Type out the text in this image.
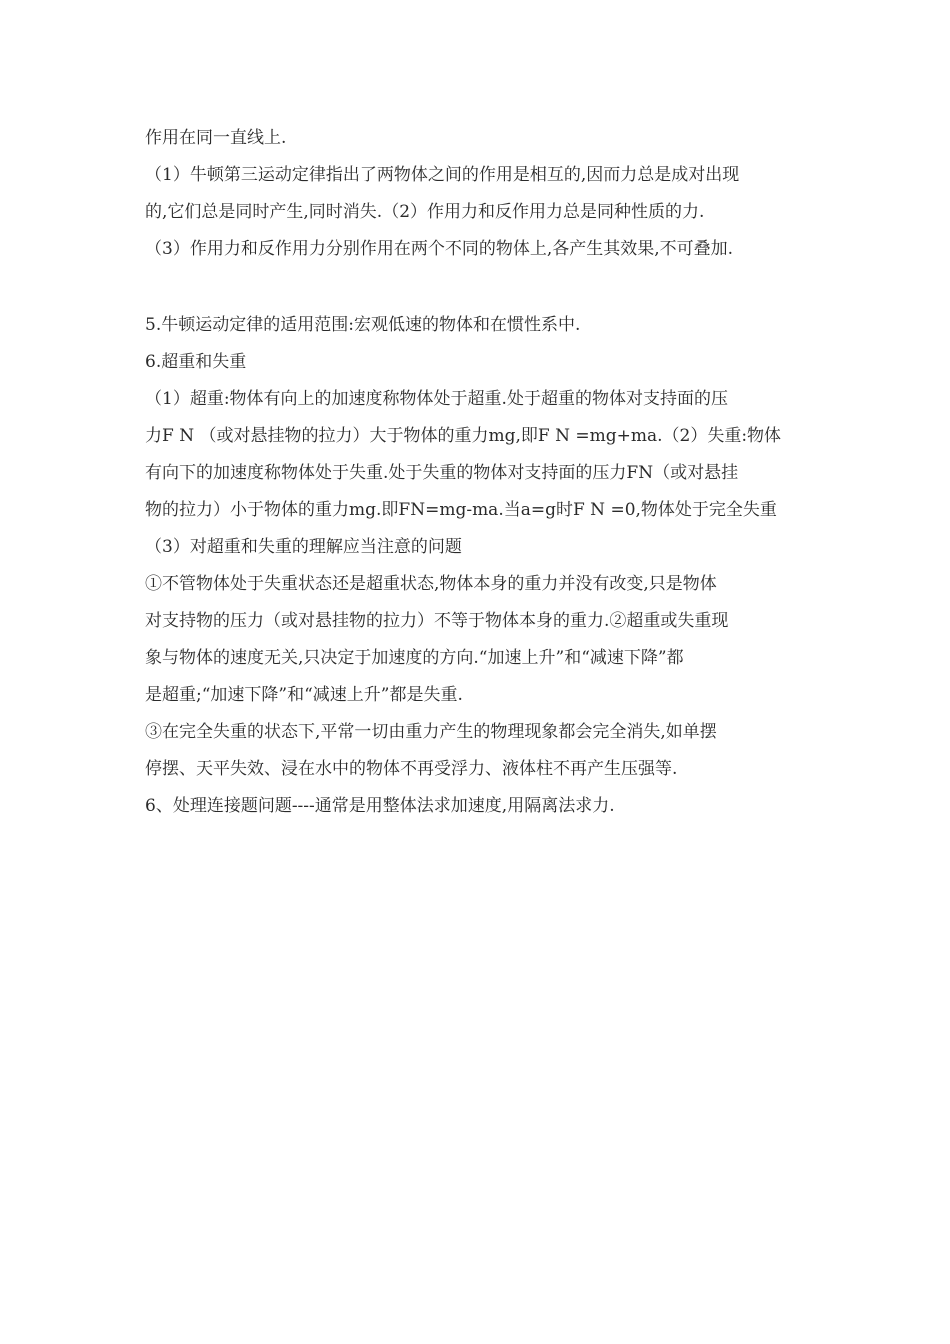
作用在同一直线上.
（1）牛顿第三运动定律指出了两物体之间的作用是相互的,因而力总是成对出现
的,它们总是同时产生,同时消失.（2）作用力和反作用力总是同种性质的力.
（3）作用力和反作用力分别作用在两个不同的物体上,各产生其效果,不可叠加.
5.牛顿运动定律的适用范围:宏观低速的物体和在惯性系中.
6.超重和失重
（1）超重:物体有向上的加速度称物体处于超重.处于超重的物体对支持面的压
力F N （或对悬挂物的拉力）大于物体的重力mg,即F N =mg+ma.（2）失重:物体
有向下的加速度称物体处于失重.处于失重的物体对支持面的压力FN（或对悬挂
物的拉力）小于物体的重力mg.即FN=mg-ma.当a=g时F N =0,物体处于完全失重
（3）对超重和失重的理解应当注意的问题
①不管物体处于失重状态还是超重状态,物体本身的重力并没有改变,只是物体
对支持物的压力（或对悬挂物的拉力）不等于物体本身的重力.②超重或失重现
象与物体的速度无关,只决定于加速度的方向.“加速上升”和“减速下降”都
是超重;“加速下降”和“减速上升”都是失重.
③在完全失重的状态下,平常一切由重力产生的物理现象都会完全消失,如单摆
停摆、天平失效、浸在水中的物体不再受浮力、液体柱不再产生压强等.
6、处理连接题问题----通常是用整体法求加速度,用隔离法求力.
